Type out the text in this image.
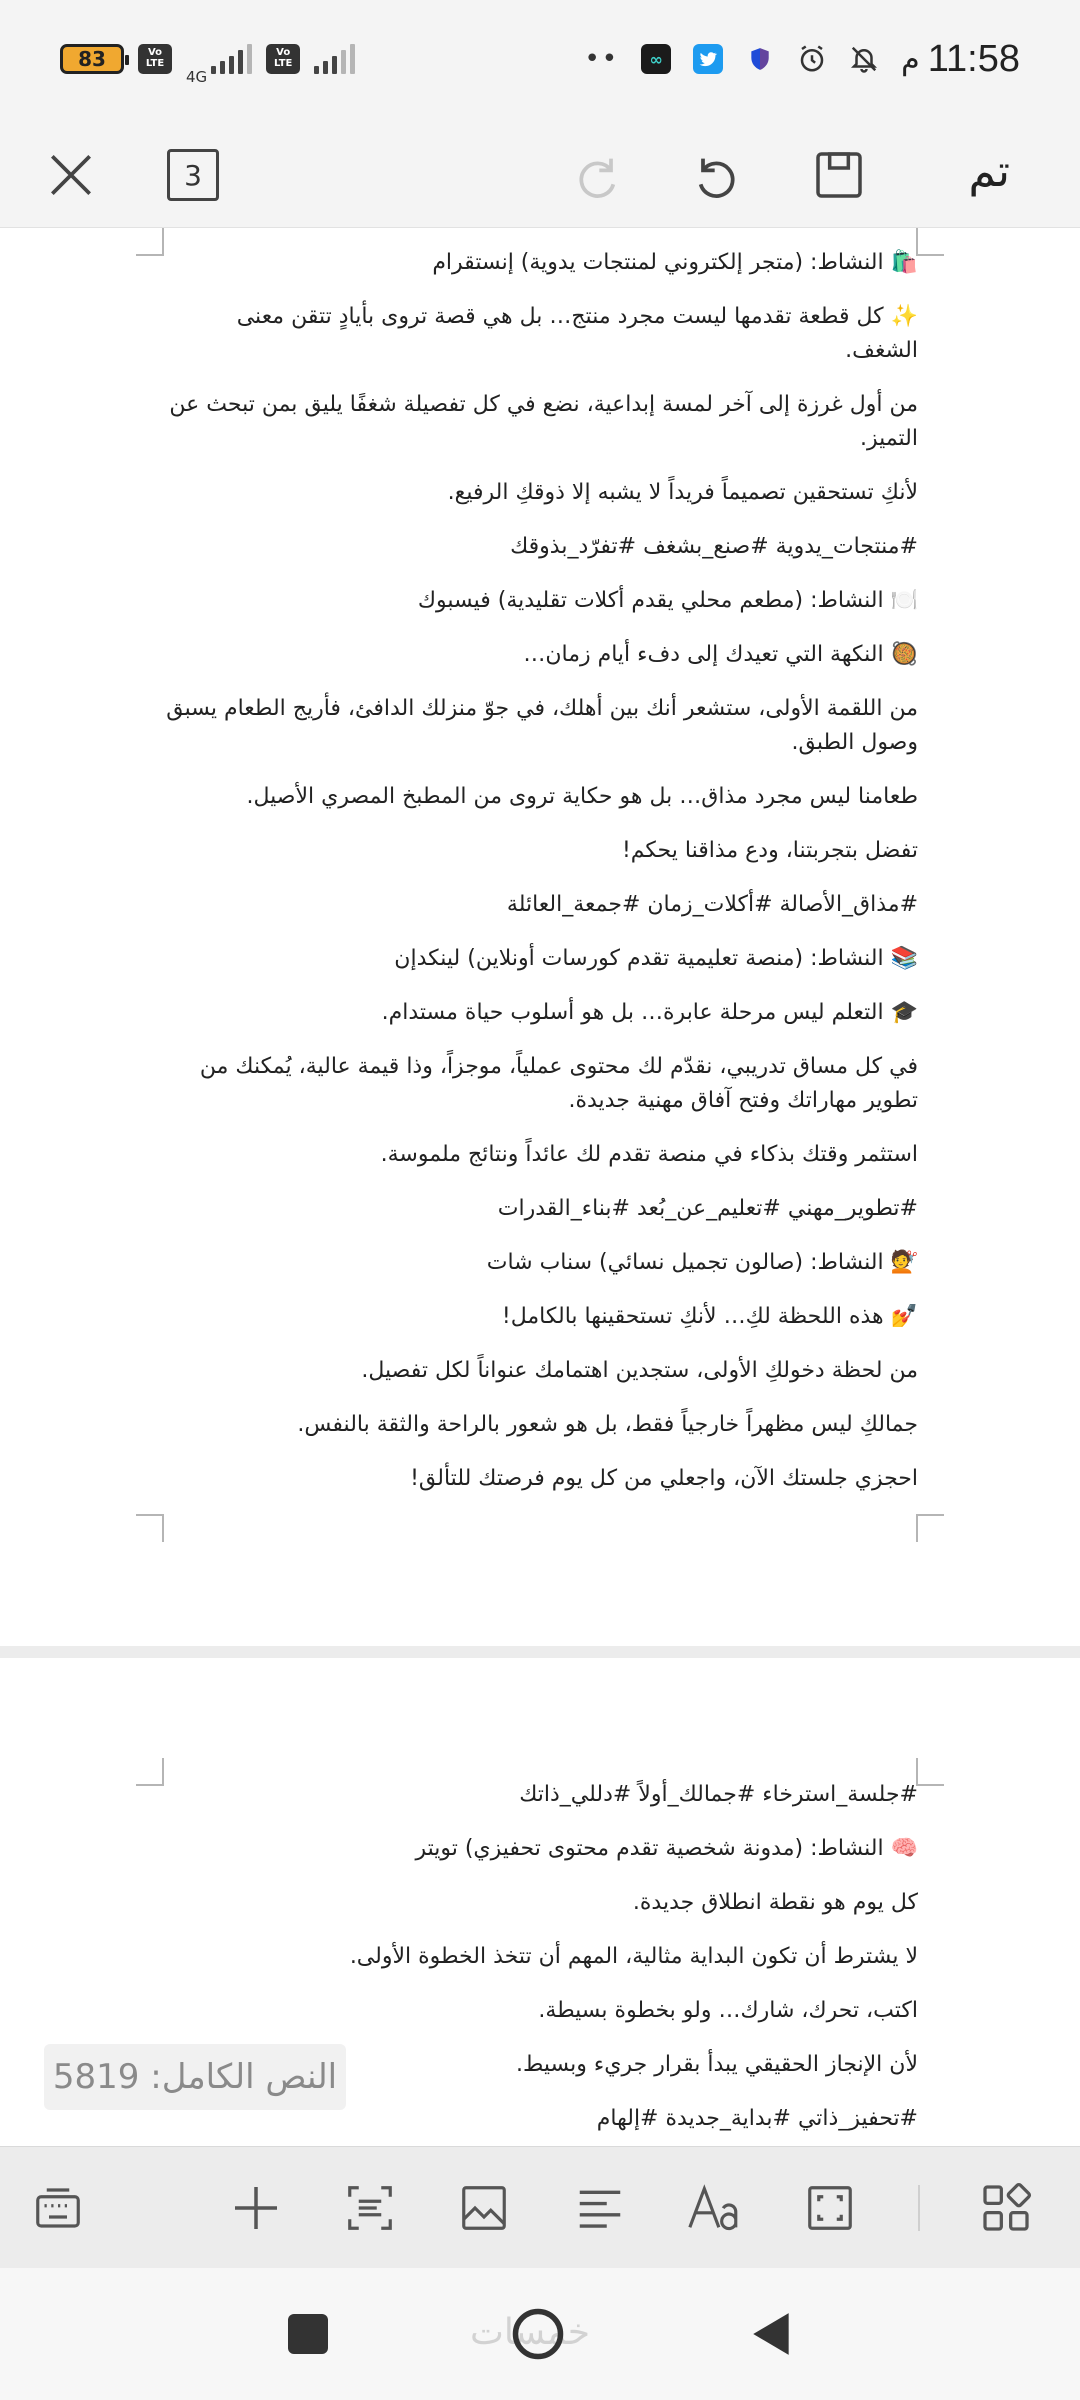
83	Vo LTE
4G
Vo LTE	••	∞	م 11:58
3	تم

🛍️ النشاط: (متجر إلكتروني لمنتجات يدوية) إنستقرام

✨ كل قطعة تقدمها ليست مجرد منتج… بل هي قصة تروى بأيادٍ تتقن معنى الشغف.

من أول غرزة إلى آخر لمسة إبداعية، نضع في كل تفصيلة شغفًا يليق بمن تبحث عن التميز.

لأنكِ تستحقين تصميماً فريداً لا يشبه إلا ذوقكِ الرفيع.

#منتجات_يدوية #صنع_بشغف #تفرّد_بذوقك

🍽️ النشاط: (مطعم محلي يقدم أكلات تقليدية) فيسبوك

🥘 النكهة التي تعيدك إلى دفء أيام زمان…

من اللقمة الأولى، ستشعر أنك بين أهلك، في جوّ منزلك الدافئ، فأريج الطعام يسبق وصول الطبق.

طعامنا ليس مجرد مذاق… بل هو حكاية تروى من المطبخ المصري الأصيل.

تفضل بتجربتنا، ودع مذاقنا يحكم!

#مذاق_الأصالة #أكلات_زمان #جمعة_العائلة

📚 النشاط: (منصة تعليمية تقدم كورسات أونلاين) لينكدإن

🎓 التعلم ليس مرحلة عابرة… بل هو أسلوب حياة مستدام.

في كل مساق تدريبي، نقدّم لك محتوى عملياً، موجزاً، وذا قيمة عالية، يُمكنك من تطوير مهاراتك وفتح آفاق مهنية جديدة.

استثمر وقتك بذكاء في منصة تقدم لك عائداً ونتائج ملموسة.

#تطوير_مهني #تعليم_عن_بُعد #بناء_القدرات

💇 النشاط: (صالون تجميل نسائي) سناب شات

💅 هذه اللحظة لكِ… لأنكِ تستحقينها بالكامل!

من لحظة دخولكِ الأولى، ستجدين اهتمامك عنواناً لكل تفصيل.

جمالكِ ليس مظهراً خارجياً فقط، بل هو شعور بالراحة والثقة بالنفس.

احجزي جلستك الآن، واجعلي من كل يوم فرصتك للتألق!

#جلسة_استرخاء #جمالك_أولاً #دللي_ذاتك

🧠 النشاط: (مدونة شخصية تقدم محتوى تحفيزي) تويتر

كل يوم هو نقطة انطلاق جديدة.

لا يشترط أن تكون البداية مثالية، المهم أن تتخذ الخطوة الأولى.

اكتب، تحرك، شارك… ولو بخطوة بسيطة.

لأن الإنجاز الحقيقي يبدأ بقرار جريء وبسيط.

#تحفيز_ذاتي #بداية_جديدة #إلهام

النص الكامل:

5819
خمسات
